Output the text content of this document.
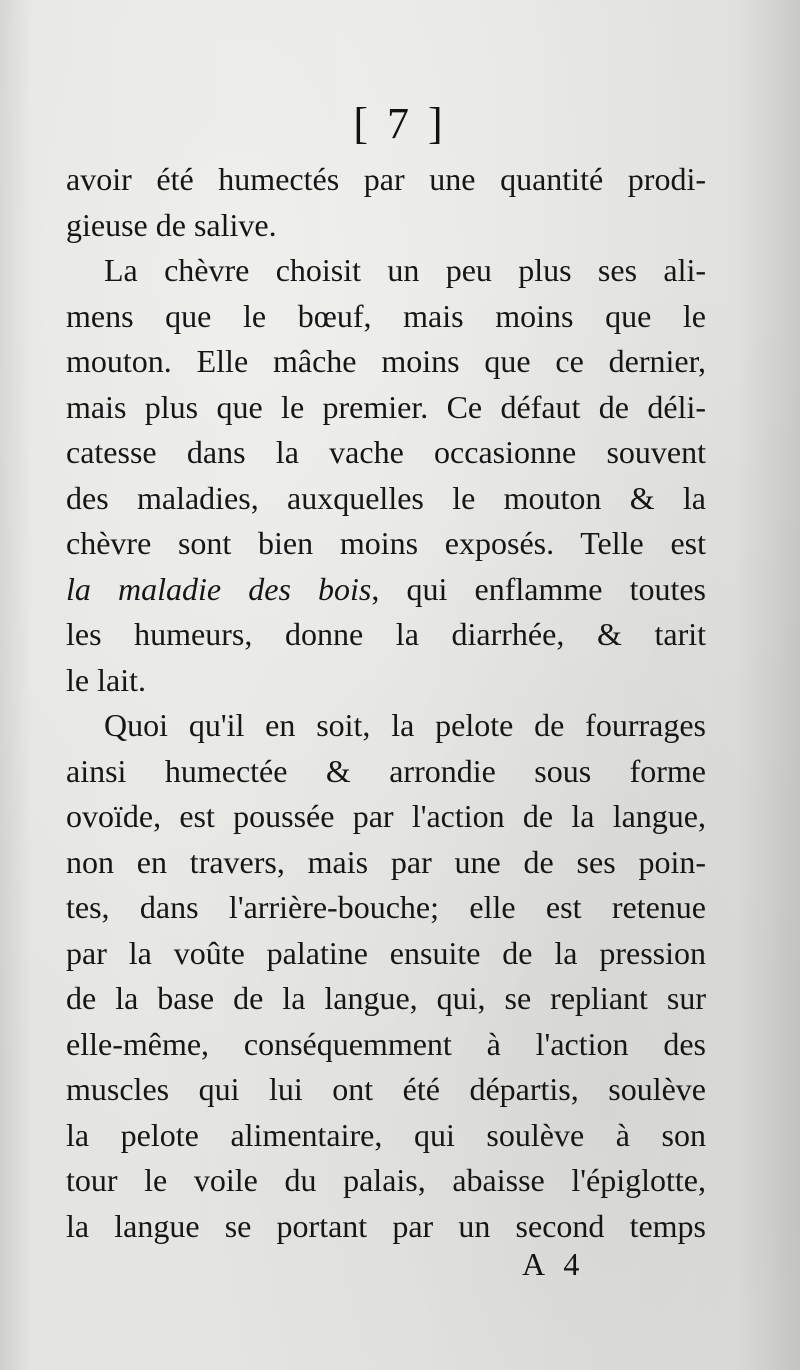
[ 7 ]
avoir été humectés par une quantité prodi-
gieuse de salive.
La chèvre choisit un peu plus ses ali-
mens que le bœuf, mais moins que le
mouton. Elle mâche moins que ce dernier,
mais plus que le premier. Ce défaut de déli-
catesse dans la vache occasionne souvent
des maladies, auxquelles le mouton & la
chèvre sont bien moins exposés. Telle est
la maladie des bois, qui enflamme toutes
les humeurs, donne la diarrhée, & tarit
le lait.
Quoi qu'il en soit, la pelote de fourrages
ainsi humectée & arrondie sous forme
ovoïde, est poussée par l'action de la langue,
non en travers, mais par une de ses poin-
tes, dans l'arrière-bouche; elle est retenue
par la voûte palatine ensuite de la pression
de la base de la langue, qui, se repliant sur
elle-même, conséquemment à l'action des
muscles qui lui ont été départis, soulève
la pelote alimentaire, qui soulève à son
tour le voile du palais, abaisse l'épiglotte,
la langue se portant par un second temps
A 4
